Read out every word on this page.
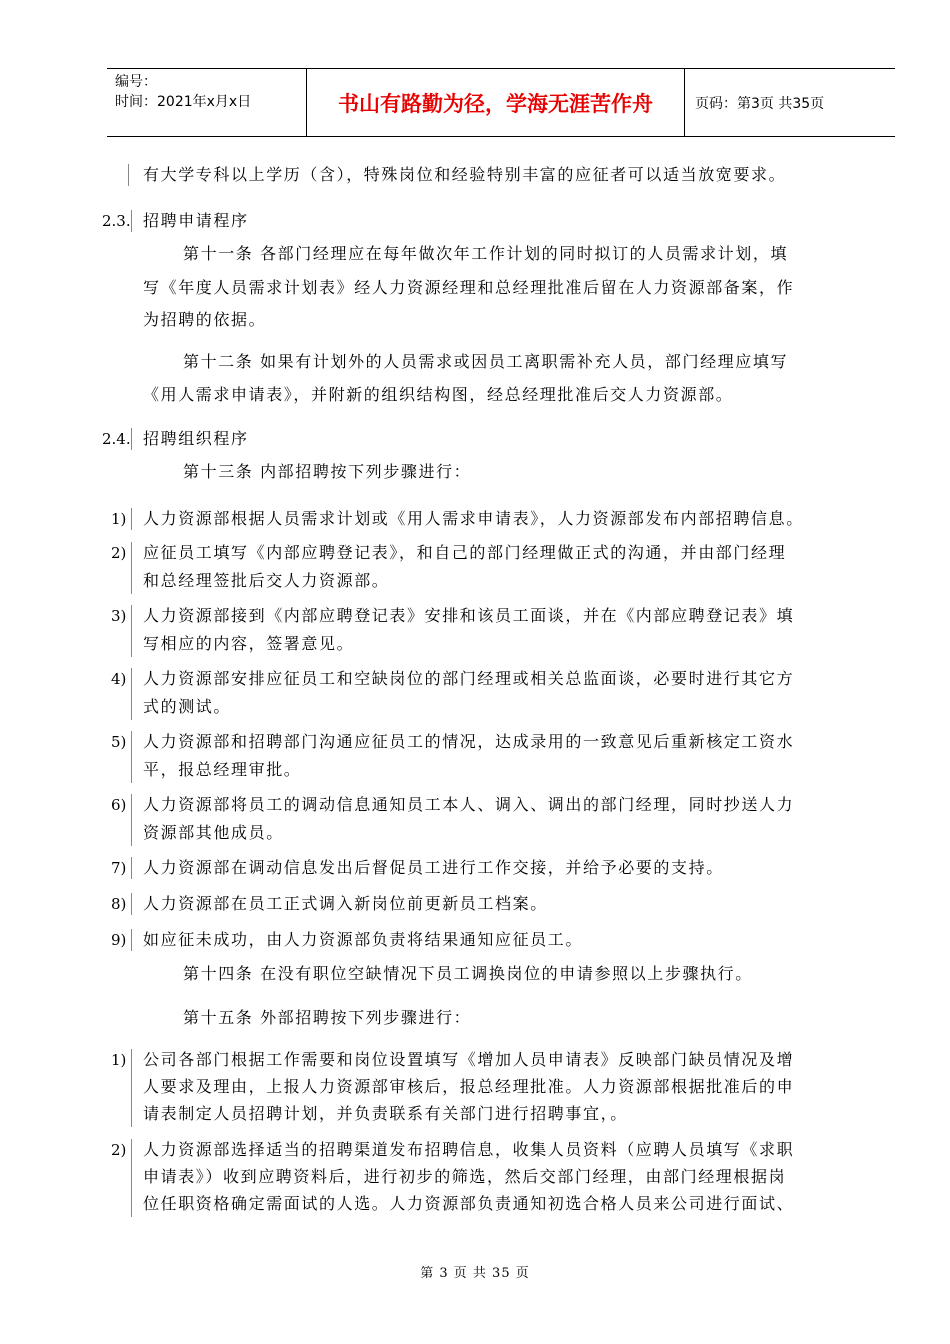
编号：
时间：2021年x月x日	书山有路勤为径，学海无涯苦作舟	页码：第3页 共35页
有大学专科以上学历（含），特殊岗位和经验特别丰富的应征者可以适当放宽要求。
2.3. 招聘申请程序
第十一条 各部门经理应在每年做次年工作计划的同时拟订的人员需求计划，填
写《年度人员需求计划表》经人力资源经理和总经理批准后留在人力资源部备案，作
为招聘的依据。
第十二条 如果有计划外的人员需求或因员工离职需补充人员，部门经理应填写
《用人需求申请表》，并附新的组织结构图，经总经理批准后交人力资源部。
2.4. 招聘组织程序
第十三条 内部招聘按下列步骤进行：
1) 人力资源部根据人员需求计划或《用人需求申请表》，人力资源部发布内部招聘信息。
2) 应征员工填写《内部应聘登记表》，和自己的部门经理做正式的沟通，并由部门经理
和总经理签批后交人力资源部。
3) 人力资源部接到《内部应聘登记表》安排和该员工面谈，并在《内部应聘登记表》填
写相应的内容，签署意见。
4) 人力资源部安排应征员工和空缺岗位的部门经理或相关总监面谈，必要时进行其它方
式的测试。
5) 人力资源部和招聘部门沟通应征员工的情况，达成录用的一致意见后重新核定工资水
平，报总经理审批。
6) 人力资源部将员工的调动信息通知员工本人、调入、调出的部门经理，同时抄送人力
资源部其他成员。
7) 人力资源部在调动信息发出后督促员工进行工作交接，并给予必要的支持。
8) 人力资源部在员工正式调入新岗位前更新员工档案。
9) 如应征未成功，由人力资源部负责将结果通知应征员工。
第十四条 在没有职位空缺情况下员工调换岗位的申请参照以上步骤执行。
第十五条 外部招聘按下列步骤进行：
1) 公司各部门根据工作需要和岗位设置填写《增加人员申请表》反映部门缺员情况及增
人要求及理由，上报人力资源部审核后，报总经理批准。人力资源部根据批准后的申
请表制定人员招聘计划，并负责联系有关部门进行招聘事宜，。
2) 人力资源部选择适当的招聘渠道发布招聘信息，收集人员资料（应聘人员填写《求职
申请表》）收到应聘资料后，进行初步的筛选，然后交部门经理，由部门经理根据岗
位任职资格确定需面试的人选。人力资源部负责通知初选合格人员来公司进行面试、
第 3 页 共 35 页
